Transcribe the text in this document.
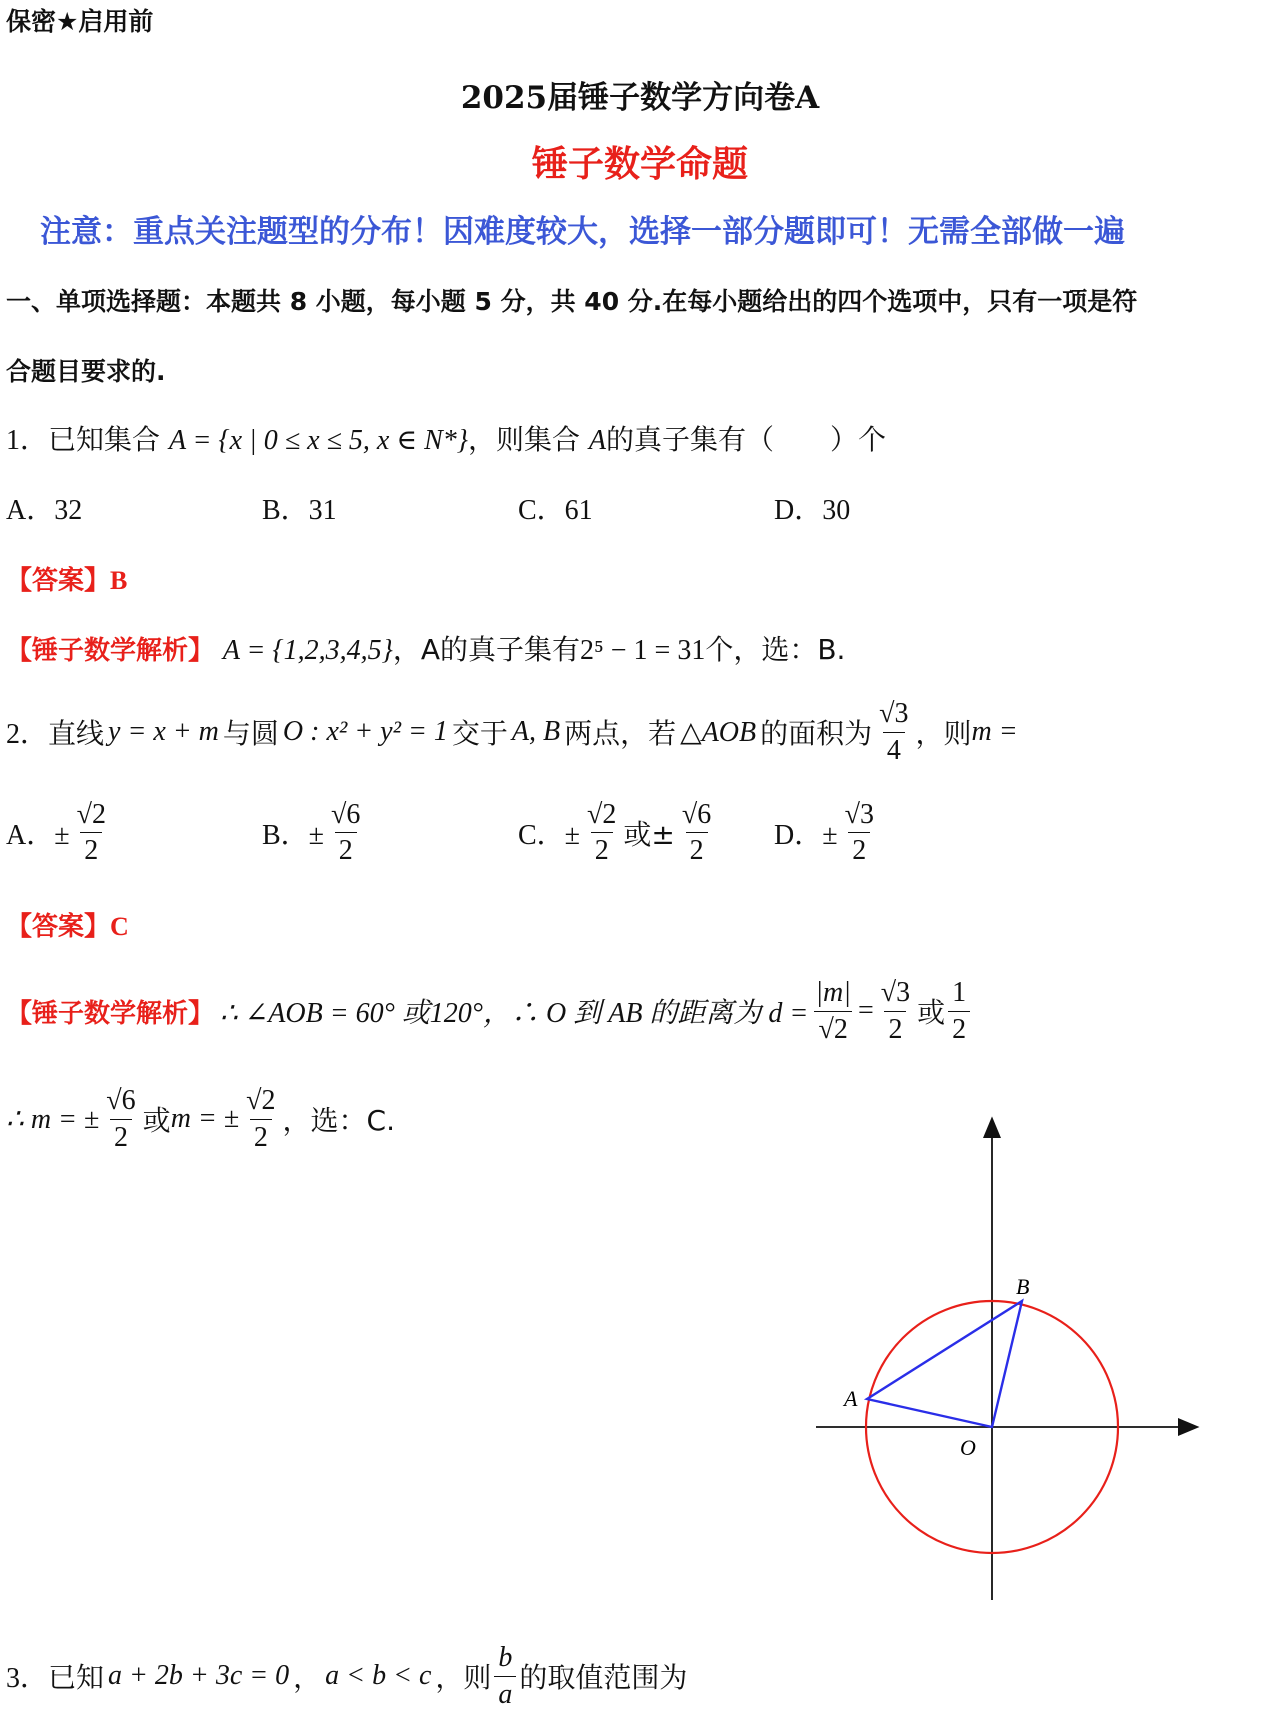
保密★启用前
2025届锤子数学方向卷A
锤子数学命题
注意：重点关注题型的分布！因难度较大，选择一部分题即可！无需全部做一遍
一、单项选择题：本题共 8 小题，每小题 5 分，共 40 分.在每小题给出的四个选项中，只有一项是符
合题目要求的.
1．已知集合 A = {x | 0 ≤ x ≤ 5, x ∈ N*}，则集合 A的真子集有（　　）个
A．32	B．31	C．61	D．30
【答案】B
【锤子数学解析】 A = {1,2,3,4,5}，A的真子集有2⁵ − 1 = 31个，选：B.
2． 直线 y = x + m 与圆 O : x² + y² = 1 交于 A, B 两点，若 △AOB 的面积为 $\frac{√3}{4}$ ，则 m =
A．± $\frac{√2}{2}$	B．± $\frac{√6}{2}$	C．± $\frac{√2}{2}$ 或± $\frac{√6}{2}$ D．± $\frac{√3}{2}$
【答案】C
【锤子数学解析】 ∴ ∠AOB = 60° 或120°，∴ O 到 AB 的距离为 $d = \frac{|m|}{√2} = \frac{√3}{2}$ 或 $\frac{1}{2}$
∴ m = ± $\frac{√6}{2}$ 或 m = ± $\frac{√2}{2}$ ，选：C.
A
B
O
3． 已知 a + 2b + 3c = 0 ， a < b < c ，则 $\frac{b}{a}$ 的取值范围为
